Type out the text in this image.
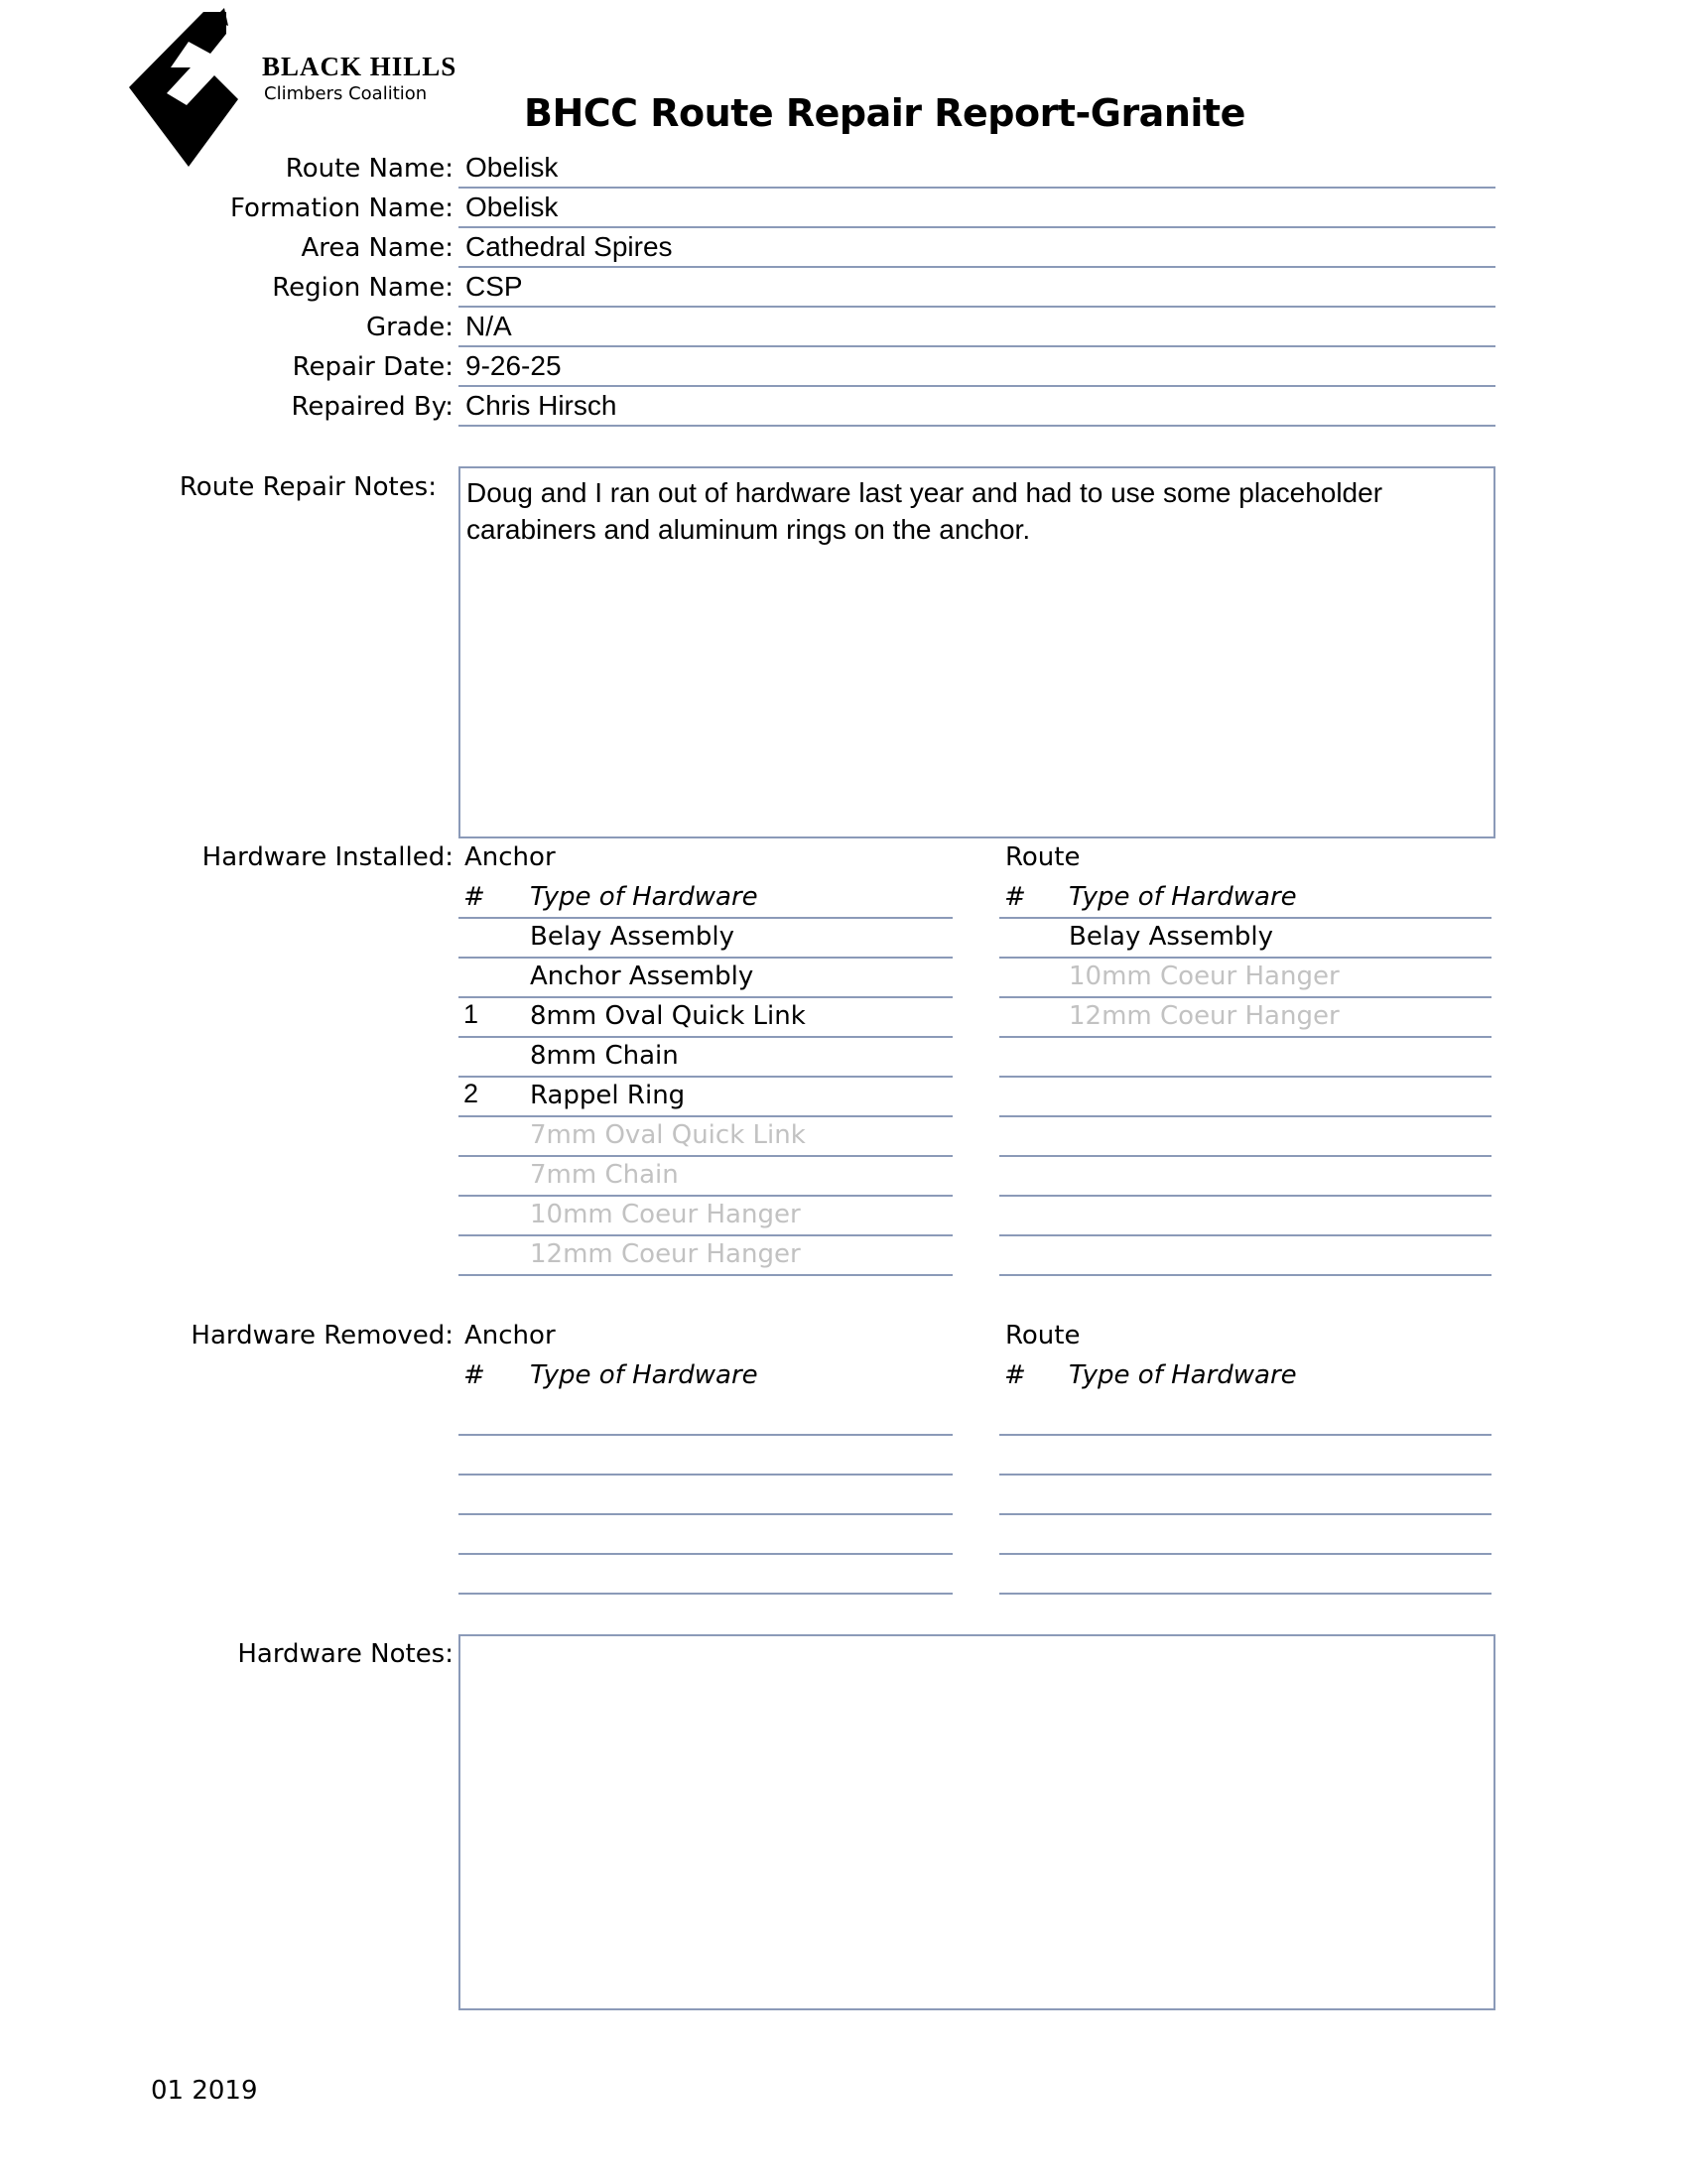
BLACK HILLS
Climbers Coalition	BHCC Route Repair Report-Granite
Route Name: Obelisk
Formation Name: Obelisk
Area Name: Cathedral Spires
Region Name: CSP
Grade: N/A
Repair Date: 9-26-25
Repaired By: Chris Hirsch
Route Repair Notes: Doug and I ran out of hardware last year and had to use some placeholder
carabiners and aluminum rings on the anchor.
Hardware Installed: Anchor
# Type of Hardware
Belay Assembly
Anchor Assembly
1 8mm Oval Quick Link
8mm Chain
2 Rappel Ring
7mm Oval Quick Link
7mm Chain
10mm Coeur Hanger
12mm Coeur Hanger
Route
# Type of Hardware
Belay Assembly
10mm Coeur Hanger
12mm Coeur Hanger
Hardware Removed: Anchor
# Type of Hardware
Route
# Type of Hardware
Hardware Notes:
01 2019
